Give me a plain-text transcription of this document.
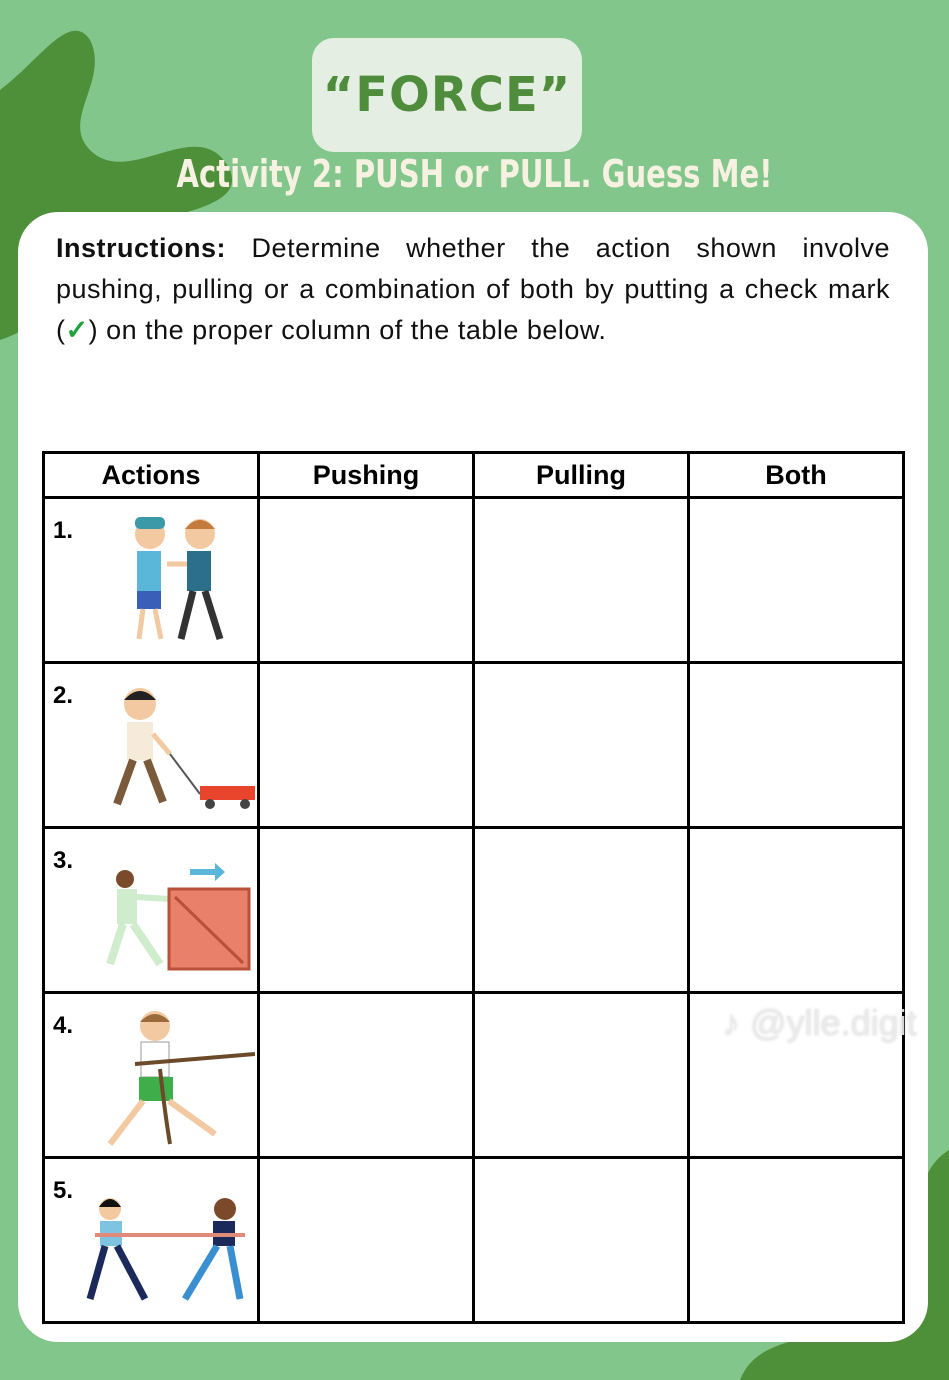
“FORCE”
Activity 2: PUSH or PULL. Guess Me!
Instructions: Determine whether the action shown involve pushing, pulling or a combination of both by putting a check mark (✓) on the proper column of the table below.
Actions	Pushing	Pulling	Both

1.			

2.			

3.			

4.			

5.			

♪ @ylle.digit
